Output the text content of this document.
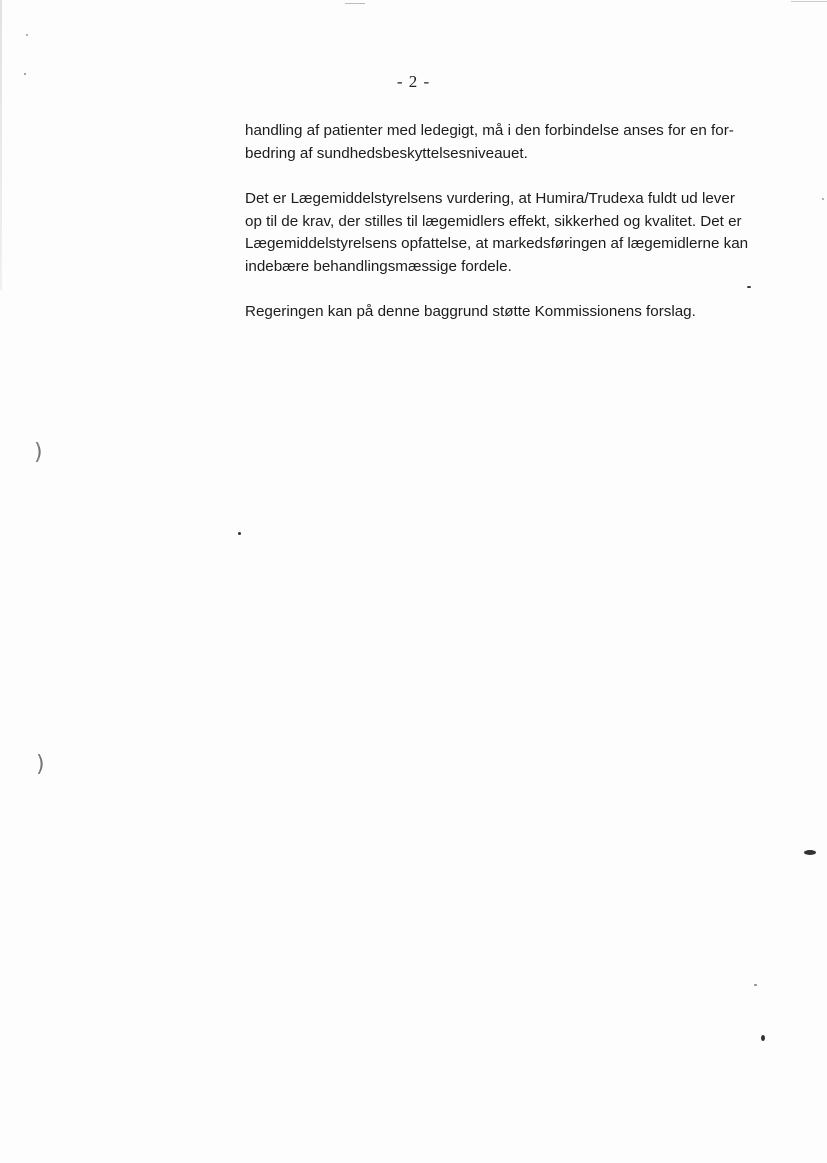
- 2 -

handling af patienter med ledegigt, må i den forbindelse anses for en for-
bedring af sundhedsbeskyttelsesniveauet.

Det er Lægemiddelstyrelsens vurdering, at Humira/Trudexa fuldt ud lever
op til de krav, der stilles til lægemidlers effekt, sikkerhed og kvalitet. Det er
Lægemiddelstyrelsens opfattelse, at markedsføringen af lægemidlerne kan
indebære behandlingsmæssige fordele.

Regeringen kan på denne baggrund støtte Kommissionens forslag.

)
)
